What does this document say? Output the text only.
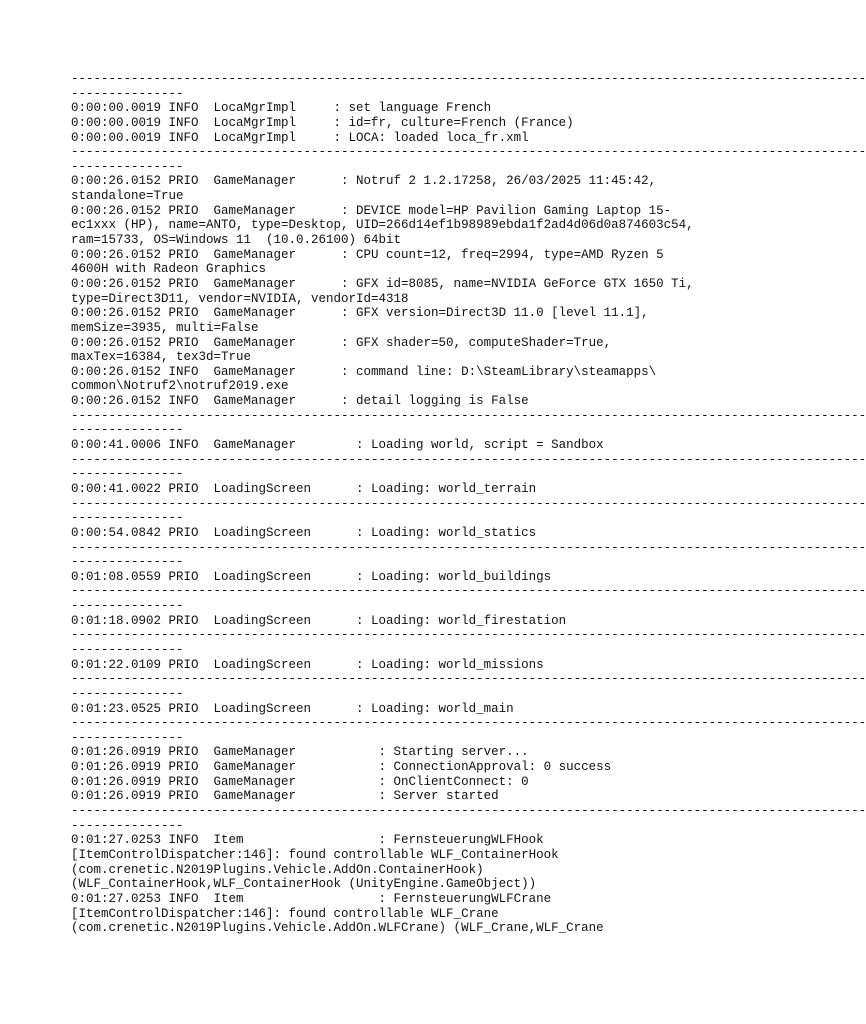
----------------------------------------------------------------------------------------------------------
---------------
0:00:00.0019 INFO  LocaMgrImpl     : set language French
0:00:00.0019 INFO  LocaMgrImpl     : id=fr, culture=French (France)
0:00:00.0019 INFO  LocaMgrImpl     : LOCA: loaded loca_fr.xml
----------------------------------------------------------------------------------------------------------
---------------
0:00:26.0152 PRIO  GameManager      : Notruf 2 1.2.17258, 26/03/2025 11:45:42,
standalone=True
0:00:26.0152 PRIO  GameManager      : DEVICE model=HP Pavilion Gaming Laptop 15-
ec1xxx (HP), name=ANTO, type=Desktop, UID=266d14ef1b98989ebda1f2ad4d06d0a874603c54,
ram=15733, OS=Windows 11  (10.0.26100) 64bit
0:00:26.0152 PRIO  GameManager      : CPU count=12, freq=2994, type=AMD Ryzen 5
4600H with Radeon Graphics
0:00:26.0152 PRIO  GameManager      : GFX id=8085, name=NVIDIA GeForce GTX 1650 Ti,
type=Direct3D11, vendor=NVIDIA, vendorId=4318
0:00:26.0152 PRIO  GameManager      : GFX version=Direct3D 11.0 [level 11.1],
memSize=3935, multi=False
0:00:26.0152 PRIO  GameManager      : GFX shader=50, computeShader=True,
maxTex=16384, tex3d=True
0:00:26.0152 INFO  GameManager      : command line: D:\SteamLibrary\steamapps\
common\Notruf2\notruf2019.exe
0:00:26.0152 INFO  GameManager      : detail logging is False
----------------------------------------------------------------------------------------------------------
---------------
0:00:41.0006 INFO  GameManager        : Loading world, script = Sandbox
----------------------------------------------------------------------------------------------------------
---------------
0:00:41.0022 PRIO  LoadingScreen      : Loading: world_terrain
----------------------------------------------------------------------------------------------------------
---------------
0:00:54.0842 PRIO  LoadingScreen      : Loading: world_statics
----------------------------------------------------------------------------------------------------------
---------------
0:01:08.0559 PRIO  LoadingScreen      : Loading: world_buildings
----------------------------------------------------------------------------------------------------------
---------------
0:01:18.0902 PRIO  LoadingScreen      : Loading: world_firestation
----------------------------------------------------------------------------------------------------------
---------------
0:01:22.0109 PRIO  LoadingScreen      : Loading: world_missions
----------------------------------------------------------------------------------------------------------
---------------
0:01:23.0525 PRIO  LoadingScreen      : Loading: world_main
----------------------------------------------------------------------------------------------------------
---------------
0:01:26.0919 PRIO  GameManager           : Starting server...
0:01:26.0919 PRIO  GameManager           : ConnectionApproval: 0 success
0:01:26.0919 PRIO  GameManager           : OnClientConnect: 0
0:01:26.0919 PRIO  GameManager           : Server started
----------------------------------------------------------------------------------------------------------
---------------
0:01:27.0253 INFO  Item                  : FernsteuerungWLFHook
[ItemControlDispatcher:146]: found controllable WLF_ContainerHook
(com.crenetic.N2019Plugins.Vehicle.AddOn.ContainerHook)
(WLF_ContainerHook,WLF_ContainerHook (UnityEngine.GameObject))
0:01:27.0253 INFO  Item                  : FernsteuerungWLFCrane
[ItemControlDispatcher:146]: found controllable WLF_Crane
(com.crenetic.N2019Plugins.Vehicle.AddOn.WLFCrane) (WLF_Crane,WLF_Crane
